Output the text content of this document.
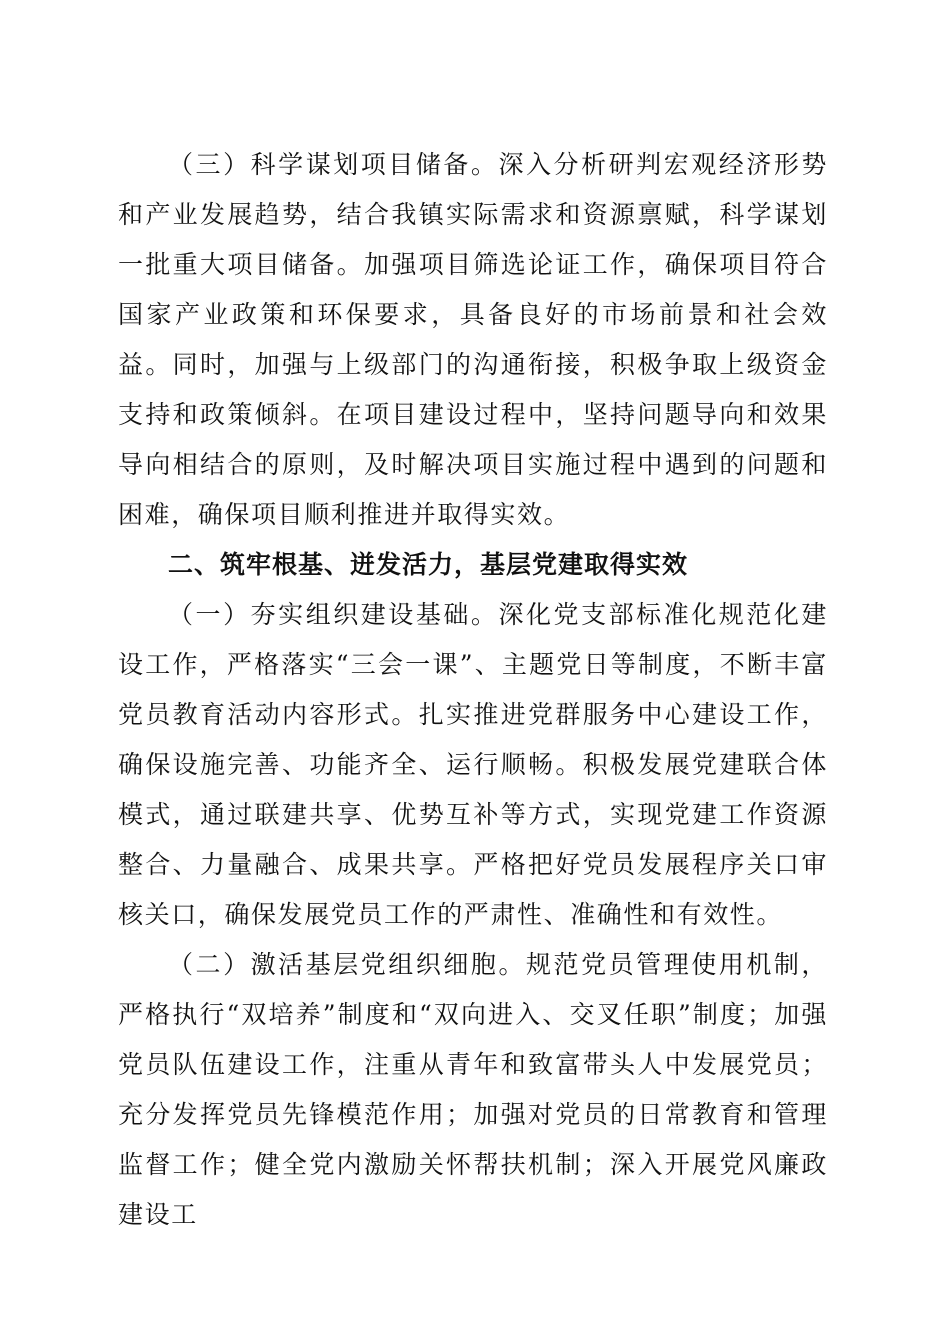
（三）科学谋划项目储备。深入分析研判宏观经济形势和产业发展趋势，结合我镇实际需求和资源禀赋，科学谋划一批重大项目储备。加强项目筛选论证工作，确保项目符合国家产业政策和环保要求，具备良好的市场前景和社会效益。同时，加强与上级部门的沟通衔接，积极争取上级资金支持和政策倾斜。在项目建设过程中，坚持问题导向和效果导向相结合的原则，及时解决项目实施过程中遇到的问题和困难，确保项目顺利推进并取得实效。

二、筑牢根基、迸发活力，基层党建取得实效

（一）夯实组织建设基础。深化党支部标准化规范化建设工作，严格落实“三会一课”、主题党日等制度，不断丰富党员教育活动内容形式。扎实推进党群服务中心建设工作，确保设施完善、功能齐全、运行顺畅。积极发展党建联合体模式，通过联建共享、优势互补等方式，实现党建工作资源整合、力量融合、成果共享。严格把好党员发展程序关口审核关口，确保发展党员工作的严肃性、准确性和有效性。

（二）激活基层党组织细胞。规范党员管理使用机制，严格执行“双培养”制度和“双向进入、交叉任职”制度；加强党员队伍建设工作，注重从青年和致富带头人中发展党员；充分发挥党员先锋模范作用；加强对党员的日常教育和管理监督工作；健全党内激励关怀帮扶机制；深入开展党风廉政建设工
